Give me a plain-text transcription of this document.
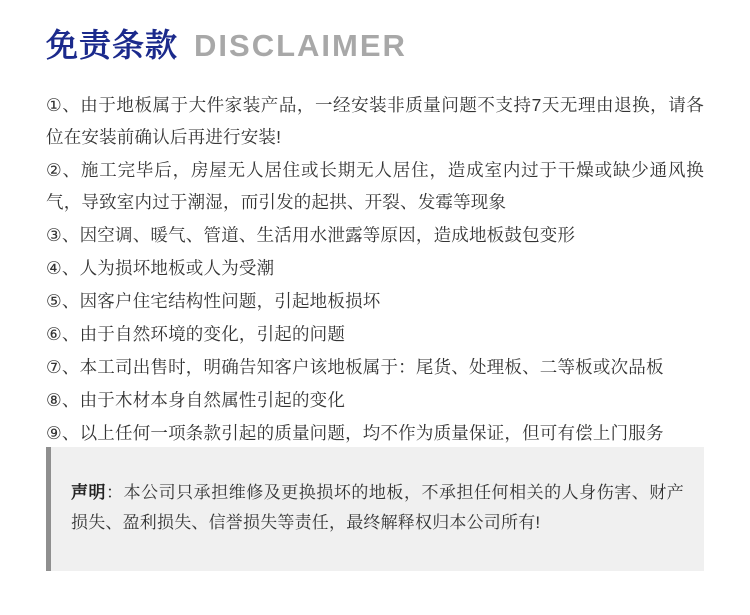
免责条款 DISCLAIMER
①、由于地板属于大件家装产品，一经安装非质量问题不支持7天无理由退换，请各位在安装前确认后再进行安装!
②、施工完毕后，房屋无人居住或长期无人居住，造成室内过于干燥或缺少通风换气，导致室内过于潮湿，而引发的起拱、开裂、发霉等现象
③、因空调、暖气、管道、生活用水泄露等原因，造成地板鼓包变形
④、人为损坏地板或人为受潮
⑤、因客户住宅结构性问题，引起地板损坏
⑥、由于自然环境的变化，引起的问题
⑦、本工司出售时，明确告知客户该地板属于：尾货、处理板、二等板或次品板
⑧、由于木材本身自然属性引起的变化
⑨、以上任何一项条款引起的质量问题，均不作为质量保证，但可有偿上门服务

声明：本公司只承担维修及更换损坏的地板，不承担任何相关的人身伤害、财产损失、盈利损失、信誉损失等责任，最终解释权归本公司所有!
